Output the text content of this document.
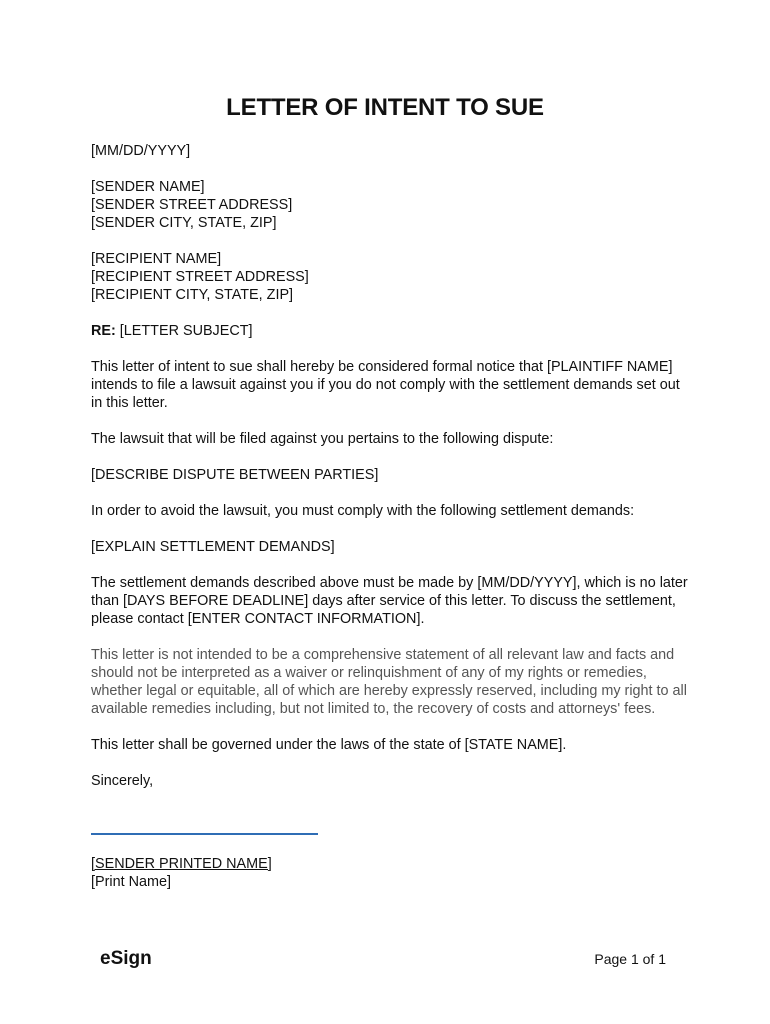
LETTER OF INTENT TO SUE
[MM/DD/YYYY]
[SENDER NAME]
[SENDER STREET ADDRESS]
[SENDER CITY, STATE, ZIP]
[RECIPIENT NAME]
[RECIPIENT STREET ADDRESS]
[RECIPIENT CITY, STATE, ZIP]
RE: [LETTER SUBJECT]

This letter of intent to sue shall hereby be considered formal notice that [PLAINTIFF NAME] intends to file a lawsuit against you if you do not comply with the settlement demands set out in this letter.

The lawsuit that will be filed against you pertains to the following dispute:

[DESCRIBE DISPUTE BETWEEN PARTIES]

In order to avoid the lawsuit, you must comply with the following settlement demands:

[EXPLAIN SETTLEMENT DEMANDS]

The settlement demands described above must be made by [MM/DD/YYYY], which is no later than [DAYS BEFORE DEADLINE] days after service of this letter. To discuss the settlement, please contact [ENTER CONTACT INFORMATION].

This letter is not intended to be a comprehensive statement of all relevant law and facts and should not be interpreted as a waiver or relinquishment of any of my rights or remedies, whether legal or equitable, all of which are hereby expressly reserved, including my right to all available remedies including, but not limited to, the recovery of costs and attorneys' fees.

This letter shall be governed under the laws of the state of [STATE NAME].

Sincerely,

[SENDER PRINTED NAME]
[Print Name]
eSign	Page 1 of 1
